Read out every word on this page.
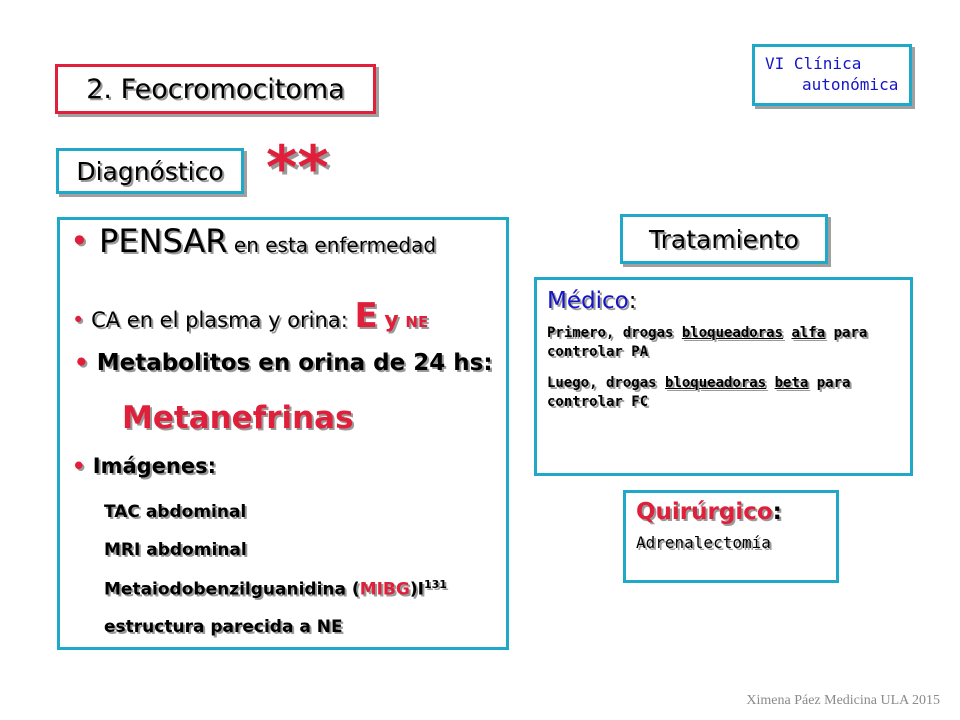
2. Feocromocitoma
VI Clínica
autonómica
Diagnóstico **
• PENSAR en esta enfermedad
• CA en el plasma y orina: E y NE
• Metabolitos en orina de 24 hs:
Metanefrinas
• Imágenes:
TAC abdominal
MRI abdominal
Metaiodobenzilguanidina $(MIBG)I^{131}$
estructura parecida a NE
Tratamiento
Médico:
Primero, drogas bloqueadoras alfa para controlar PA
Luego, drogas bloqueadoras beta para controlar FC
Quirúrgico:
Adrenalectomía
Ximena Páez Medicina ULA 2015
